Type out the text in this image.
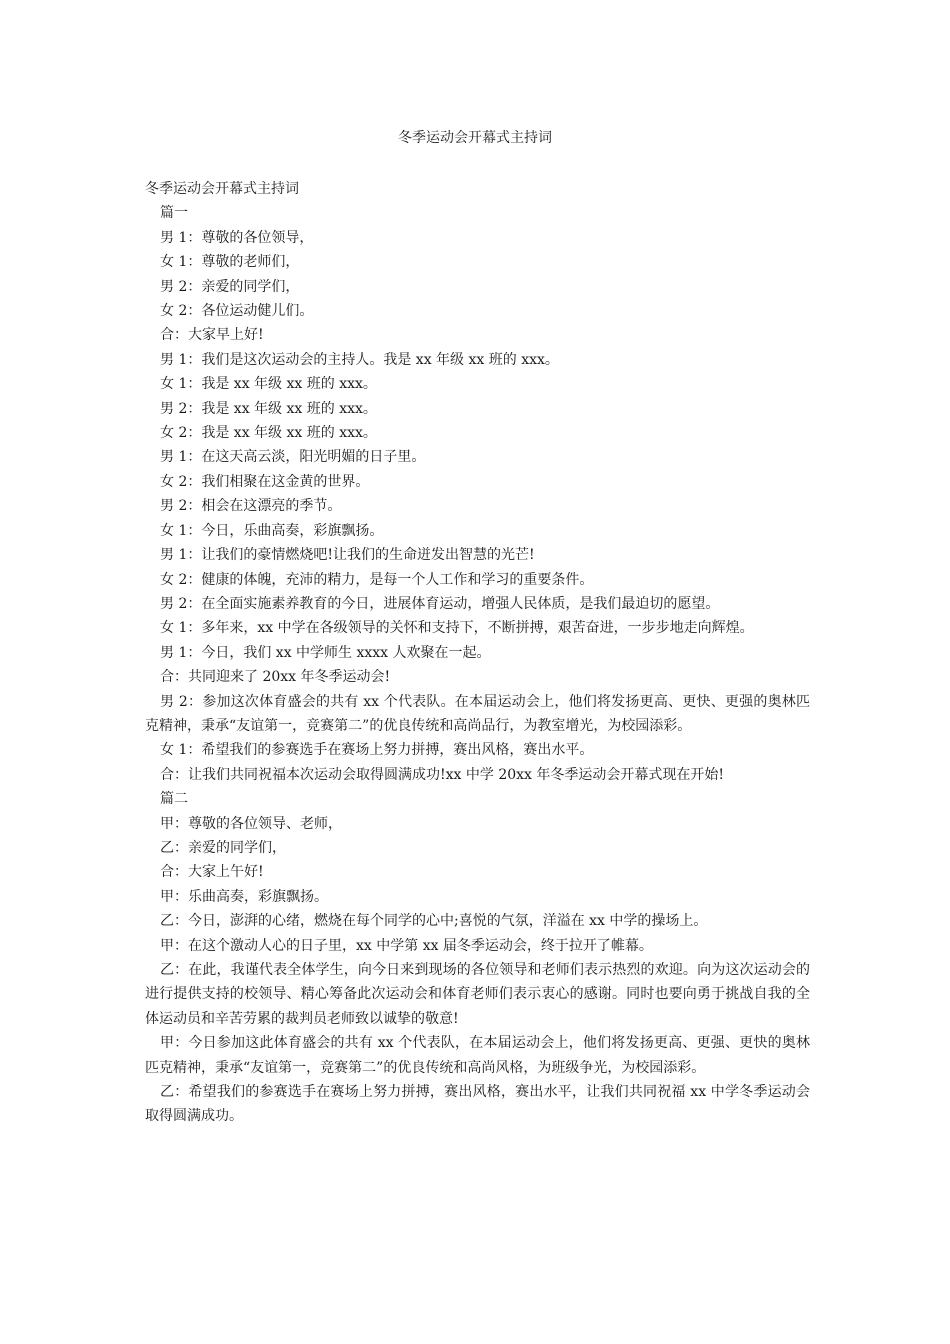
冬季运动会开幕式主持词

冬季运动会开幕式主持词

篇一

男 1：尊敬的各位领导，

女 1：尊敬的老师们，

男 2：亲爱的同学们，

女 2：各位运动健儿们。

合：大家早上好!

男 1：我们是这次运动会的主持人。我是 xx 年级 xx 班的 xxx。

女 1：我是 xx 年级 xx 班的 xxx。

男 2：我是 xx 年级 xx 班的 xxx。

女 2：我是 xx 年级 xx 班的 xxx。

男 1：在这天高云淡，阳光明媚的日子里。

女 2：我们相聚在这金黄的世界。

男 2：相会在这漂亮的季节。

女 1：今日，乐曲高奏，彩旗飘扬。

男 1：让我们的豪情燃烧吧!让我们的生命迸发出智慧的光芒!

女 2：健康的体魄，充沛的精力，是每一个人工作和学习的重要条件。

男 2：在全面实施素养教育的今日，进展体育运动，增强人民体质，是我们最迫切的愿望。

女 1：多年来，xx 中学在各级领导的关怀和支持下，不断拼搏，艰苦奋进，一步步地走向辉煌。

男 1：今日，我们 xx 中学师生 xxxx 人欢聚在一起。

合：共同迎来了 20xx 年冬季运动会!

男 2：参加这次体育盛会的共有 xx 个代表队。在本届运动会上，他们将发扬更高、更快、更强的奥林匹克精神，秉承“友谊第一，竞赛第二”的优良传统和高尚品行，为教室增光，为校园添彩。

女 1：希望我们的参赛选手在赛场上努力拼搏，赛出风格，赛出水平。

合：让我们共同祝福本次运动会取得圆满成功!xx 中学 20xx 年冬季运动会开幕式现在开始!

篇二

甲：尊敬的各位领导、老师，

乙：亲爱的同学们，

合：大家上午好!

甲：乐曲高奏，彩旗飘扬。

乙：今日，澎湃的心绪，燃烧在每个同学的心中;喜悦的气氛，洋溢在 xx 中学的操场上。

甲：在这个激动人心的日子里，xx 中学第 xx 届冬季运动会，终于拉开了帷幕。

乙：在此，我谨代表全体学生，向今日来到现场的各位领导和老师们表示热烈的欢迎。向为这次运动会的进行提供支持的校领导、精心筹备此次运动会和体育老师们表示衷心的感谢。同时也要向勇于挑战自我的全体运动员和辛苦劳累的裁判员老师致以诚挚的敬意!

甲：今日参加这此体育盛会的共有 xx 个代表队，在本届运动会上，他们将发扬更高、更强、更快的奥林匹克精神，秉承“友谊第一，竞赛第二”的优良传统和高尚风格，为班级争光，为校园添彩。

乙：希望我们的参赛选手在赛场上努力拼搏，赛出风格，赛出水平，让我们共同祝福 xx 中学冬季运动会取得圆满成功。
